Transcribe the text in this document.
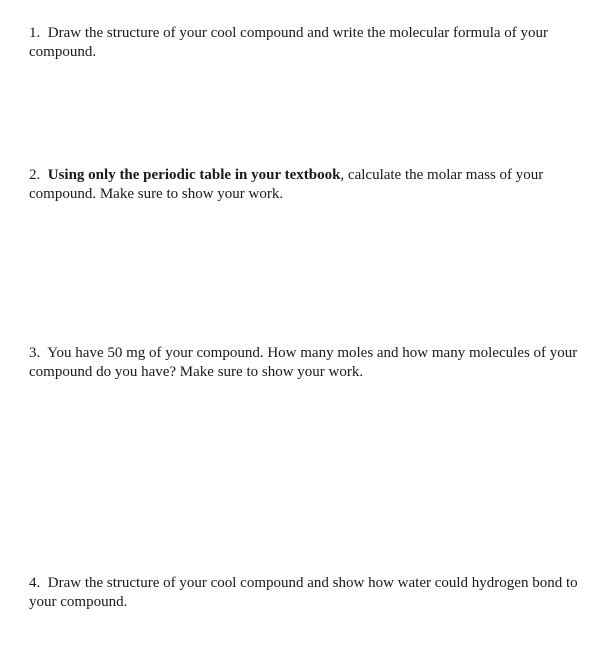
1. Draw the structure of your cool compound and write the molecular formula of your compound.

2. Using only the periodic table in your textbook, calculate the molar mass of your compound. Make sure to show your work.

3. You have 50 mg of your compound. How many moles and how many molecules of your compound do you have? Make sure to show your work.

4. Draw the structure of your cool compound and show how water could hydrogen bond to your compound.
